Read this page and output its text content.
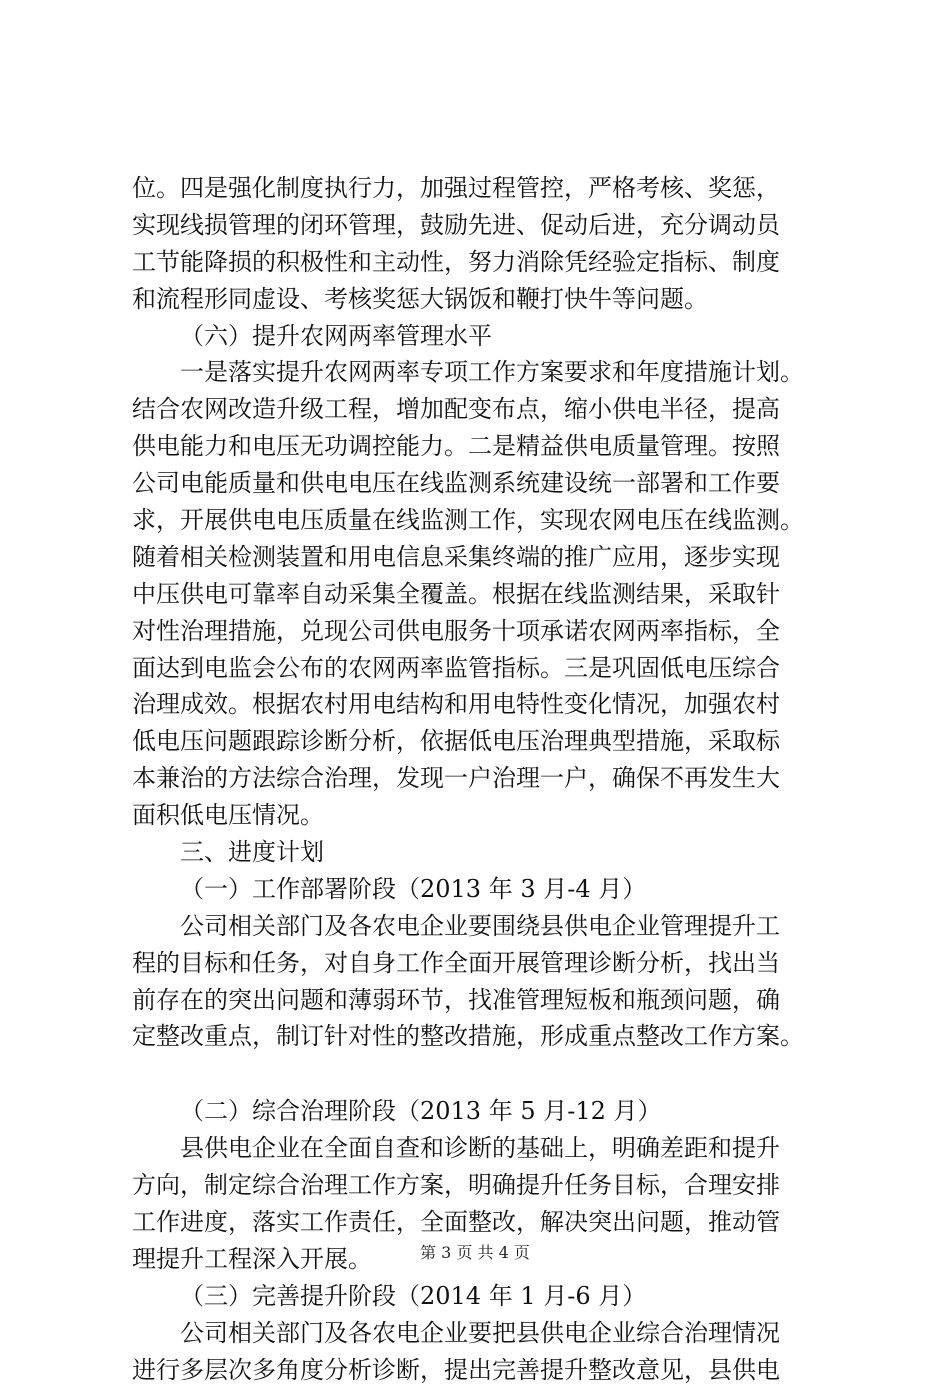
位。四是强化制度执行力，加强过程管控，严格考核、奖惩，
实现线损管理的闭环管理，鼓励先进、促动后进，充分调动员
工节能降损的积极性和主动性，努力消除凭经验定指标、制度
和流程形同虚设、考核奖惩大锅饭和鞭打快牛等问题。
（六）提升农网两率管理水平
一是落实提升农网两率专项工作方案要求和年度措施计划。
结合农网改造升级工程，增加配变布点，缩小供电半径，提高
供电能力和电压无功调控能力。二是精益供电质量管理。按照
公司电能质量和供电电压在线监测系统建设统一部署和工作要
求，开展供电电压质量在线监测工作，实现农网电压在线监测。
随着相关检测装置和用电信息采集终端的推广应用，逐步实现
中压供电可靠率自动采集全覆盖。根据在线监测结果，采取针
对性治理措施，兑现公司供电服务十项承诺农网两率指标，全
面达到电监会公布的农网两率监管指标。三是巩固低电压综合
治理成效。根据农村用电结构和用电特性变化情况，加强农村
低电压问题跟踪诊断分析，依据低电压治理典型措施，采取标
本兼治的方法综合治理，发现一户治理一户，确保不再发生大
面积低电压情况。
三、进度计划
（一）工作部署阶段（2013 年 3 月-4 月）
公司相关部门及各农电企业要围绕县供电企业管理提升工
程的目标和任务，对自身工作全面开展管理诊断分析，找出当
前存在的突出问题和薄弱环节，找准管理短板和瓶颈问题，确
定整改重点，制订针对性的整改措施，形成重点整改工作方案。
（二）综合治理阶段（2013 年 5 月-12 月）
县供电企业在全面自查和诊断的基础上，明确差距和提升
方向，制定综合治理工作方案，明确提升任务目标，合理安排
工作进度，落实工作责任，全面整改，解决突出问题，推动管
理提升工程深入开展。
（三）完善提升阶段（2014 年 1 月-6 月）
公司相关部门及各农电企业要把县供电企业综合治理情况
进行多层次多角度分析诊断，提出完善提升整改意见，县供电
第 3 页 共 4 页
